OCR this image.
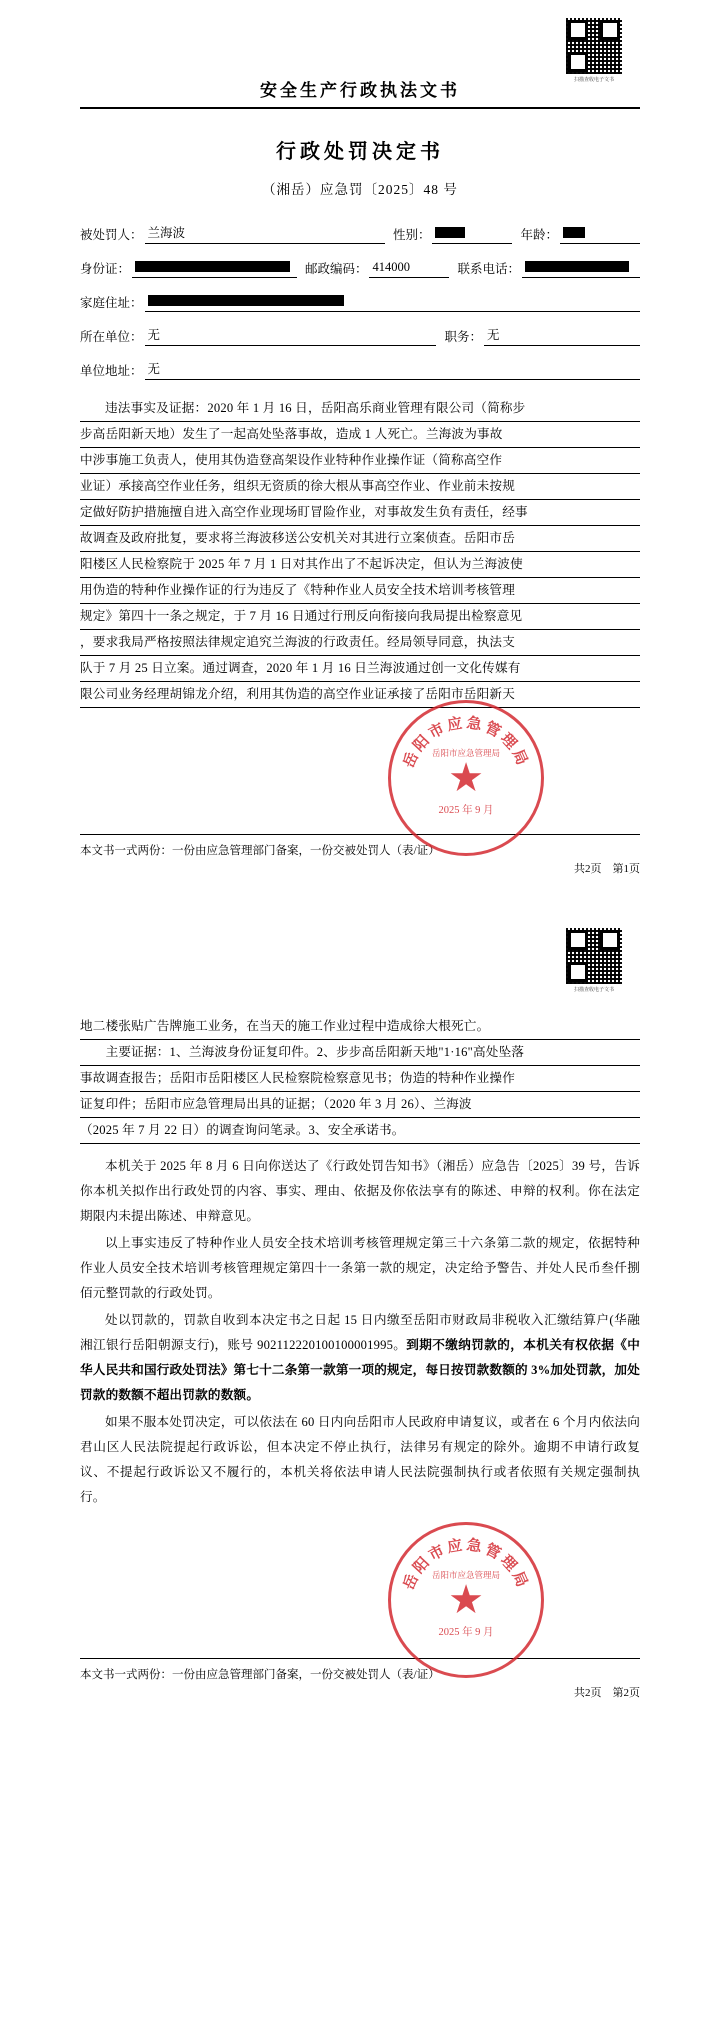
扫描查收电子文书
安全生产行政执法文书
行政处罚决定书
（湘岳）应急罚〔2025〕48 号
被处罚人： 兰海波	性别：	年龄：
身份证：	邮政编码： 414000	联系电话：
家庭住址：
所在单位： 无	职务： 无
单位地址： 无
违法事实及证据：2020 年 1 月 16 日，岳阳高乐商业管理有限公司（简称步
步高岳阳新天地）发生了一起高处坠落事故，造成 1 人死亡。兰海波为事故
中涉事施工负责人，使用其伪造登高架设作业特种作业操作证（简称高空作
业证）承接高空作业任务，组织无资质的徐大根从事高空作业、作业前未按规
定做好防护措施擅自进入高空作业现场盯冒险作业，对事故发生负有责任，经事
故调查及政府批复，要求将兰海波移送公安机关对其进行立案侦查。岳阳市岳
阳楼区人民检察院于 2025 年 7 月 1 日对其作出了不起诉决定，但认为兰海波使
用伪造的特种作业操作证的行为违反了《特种作业人员安全技术培训考核管理
规定》第四十一条之规定，于 7 月 16 日通过行刑反向衔接向我局提出检察意见
，要求我局严格按照法律规定追究兰海波的行政责任。经局领导同意，执法支
队于 7 月 25 日立案。通过调查，2020 年 1 月 16 日兰海波通过创一文化传媒有
限公司业务经理胡锦龙介绍，利用其伪造的高空作业证承接了岳阳市岳阳新天
岳阳市应急管理局
★
岳阳市应急管理局
2025 年 9 月
本文书一式两份：一份由应急管理部门备案，一份交被处罚人（表/证）
共2页　第1页
扫描查收电子文书
地二楼张贴广告牌施工业务，在当天的施工作业过程中造成徐大根死亡。
　　主要证据：1、兰海波身份证复印件。2、步步高岳阳新天地"1·16"高处坠落
事故调查报告；岳阳市岳阳楼区人民检察院检察意见书；伪造的特种作业操作
证复印件；岳阳市应急管理局出具的证据；（2020 年 3 月 26）、兰海波
（2025 年 7 月 22 日）的调查询问笔录。3、安全承诺书。

本机关于 2025 年 8 月 6 日向你送达了《行政处罚告知书》（湘岳）应急告〔2025〕39 号，告诉你本机关拟作出行政处罚的内容、事实、理由、依据及你依法享有的陈述、申辩的权利。你在法定期限内未提出陈述、申辩意见。

以上事实违反了特种作业人员安全技术培训考核管理规定第三十六条第二款的规定，依据特种作业人员安全技术培训考核管理规定第四十一条第一款的规定，决定给予警告、并处人民币叁仟捌佰元整罚款的行政处罚。

处以罚款的，罚款自收到本决定书之日起 15 日内缴至岳阳市财政局非税收入汇缴结算户(华融湘江银行岳阳朝源支行)，账号 902112220100100001995。到期不缴纳罚款的，本机关有权依据《中华人民共和国行政处罚法》第七十二条第一款第一项的规定，每日按罚款数额的 3%加处罚款，加处罚款的数额不超出罚款的数额。

如果不服本处罚决定，可以依法在 60 日内向岳阳市人民政府申请复议，或者在 6 个月内依法向君山区人民法院提起行政诉讼，但本决定不停止执行，法律另有规定的除外。逾期不申请行政复议、不提起行政诉讼又不履行的，本机关将依法申请人民法院强制执行或者依照有关规定强制执行。

岳阳市应急管理局
★
岳阳市应急管理局
2025 年 9 月
本文书一式两份：一份由应急管理部门备案，一份交被处罚人（表/证）
共2页　第2页
